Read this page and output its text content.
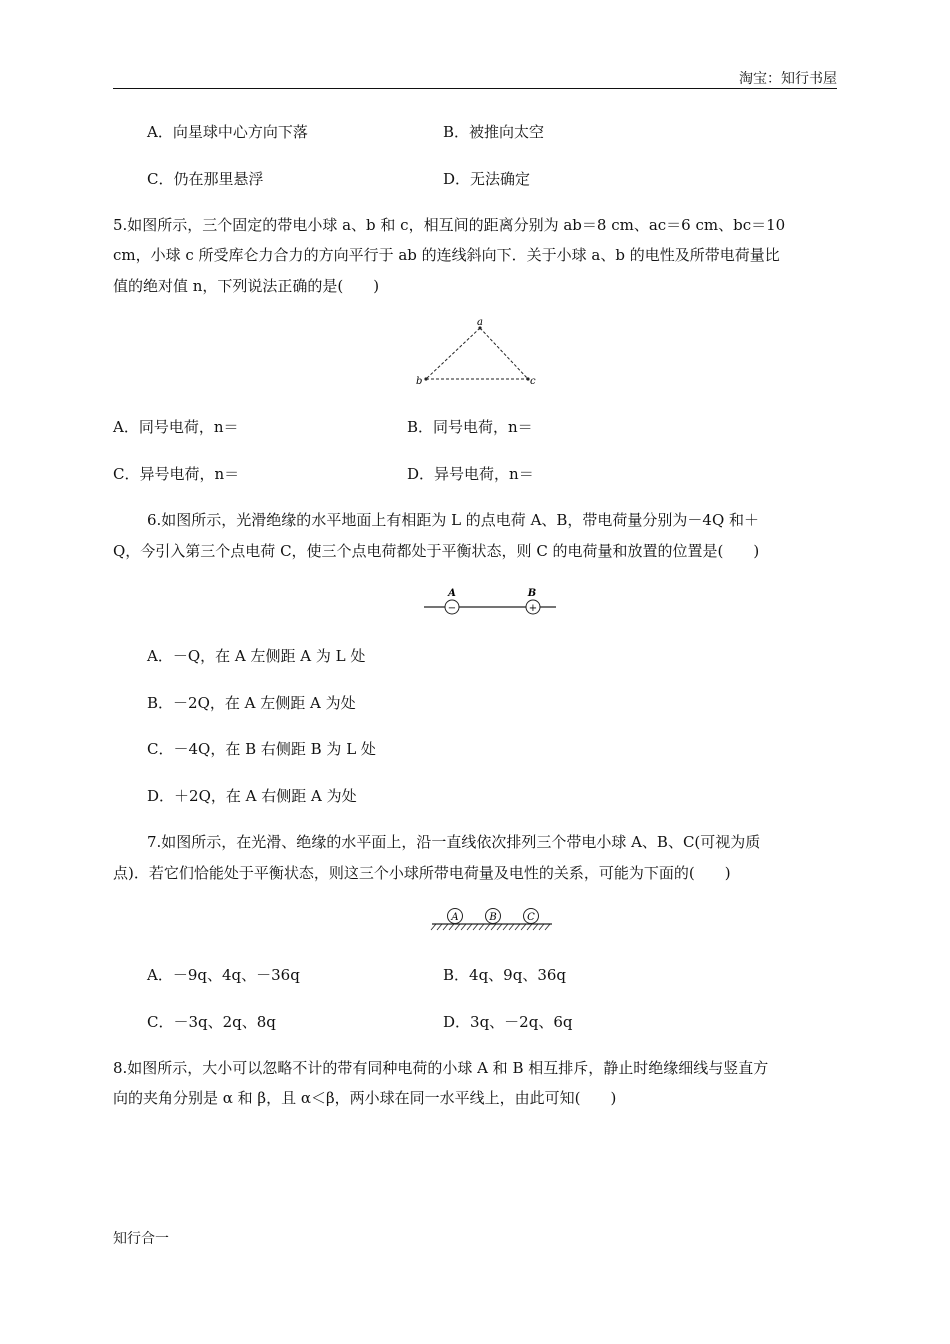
淘宝：知行书屋
A．向星球中心方向下落	B．被推向太空
C．仍在那里悬浮	D．无法确定
5.如图所示，三个固定的带电小球 a、b 和 c，相互间的距离分别为 ab＝8 cm、ac＝6 cm、bc＝10
cm，小球 c 所受库仑力合力的方向平行于 ab 的连线斜向下．关于小球 a、b 的电性及所带电荷量比
值的绝对值 n，下列说法正确的是(　　)
a
b	c
A．同号电荷，n＝	B．同号电荷，n＝
C．异号电荷，n＝	D．异号电荷，n＝
6.如图所示，光滑绝缘的水平地面上有相距为 L 的点电荷 A、B，带电荷量分别为－4Q 和＋
Q，今引入第三个点电荷 C，使三个点电荷都处于平衡状态，则 C 的电荷量和放置的位置是(　　)
−	+
A	B
A．－Q，在 A 左侧距 A 为 L 处
B．－2Q，在 A 左侧距 A 为处
C．－4Q，在 B 右侧距 B 为 L 处
D．＋2Q，在 A 右侧距 A 为处
7.如图所示，在光滑、绝缘的水平面上，沿一直线依次排列三个带电小球 A、B、C(可视为质
点)．若它们恰能处于平衡状态，则这三个小球所带电荷量及电性的关系，可能为下面的(　　)
A	B	C
A．－9q、4q、－36q	B．4q、9q、36q
C．－3q、2q、8q	D．3q、－2q、6q
8.如图所示，大小可以忽略不计的带有同种电荷的小球 A 和 B 相互排斥，静止时绝缘细线与竖直方
向的夹角分别是 α 和 β，且 α＜β，两小球在同一水平线上，由此可知(　　)
知行合一
